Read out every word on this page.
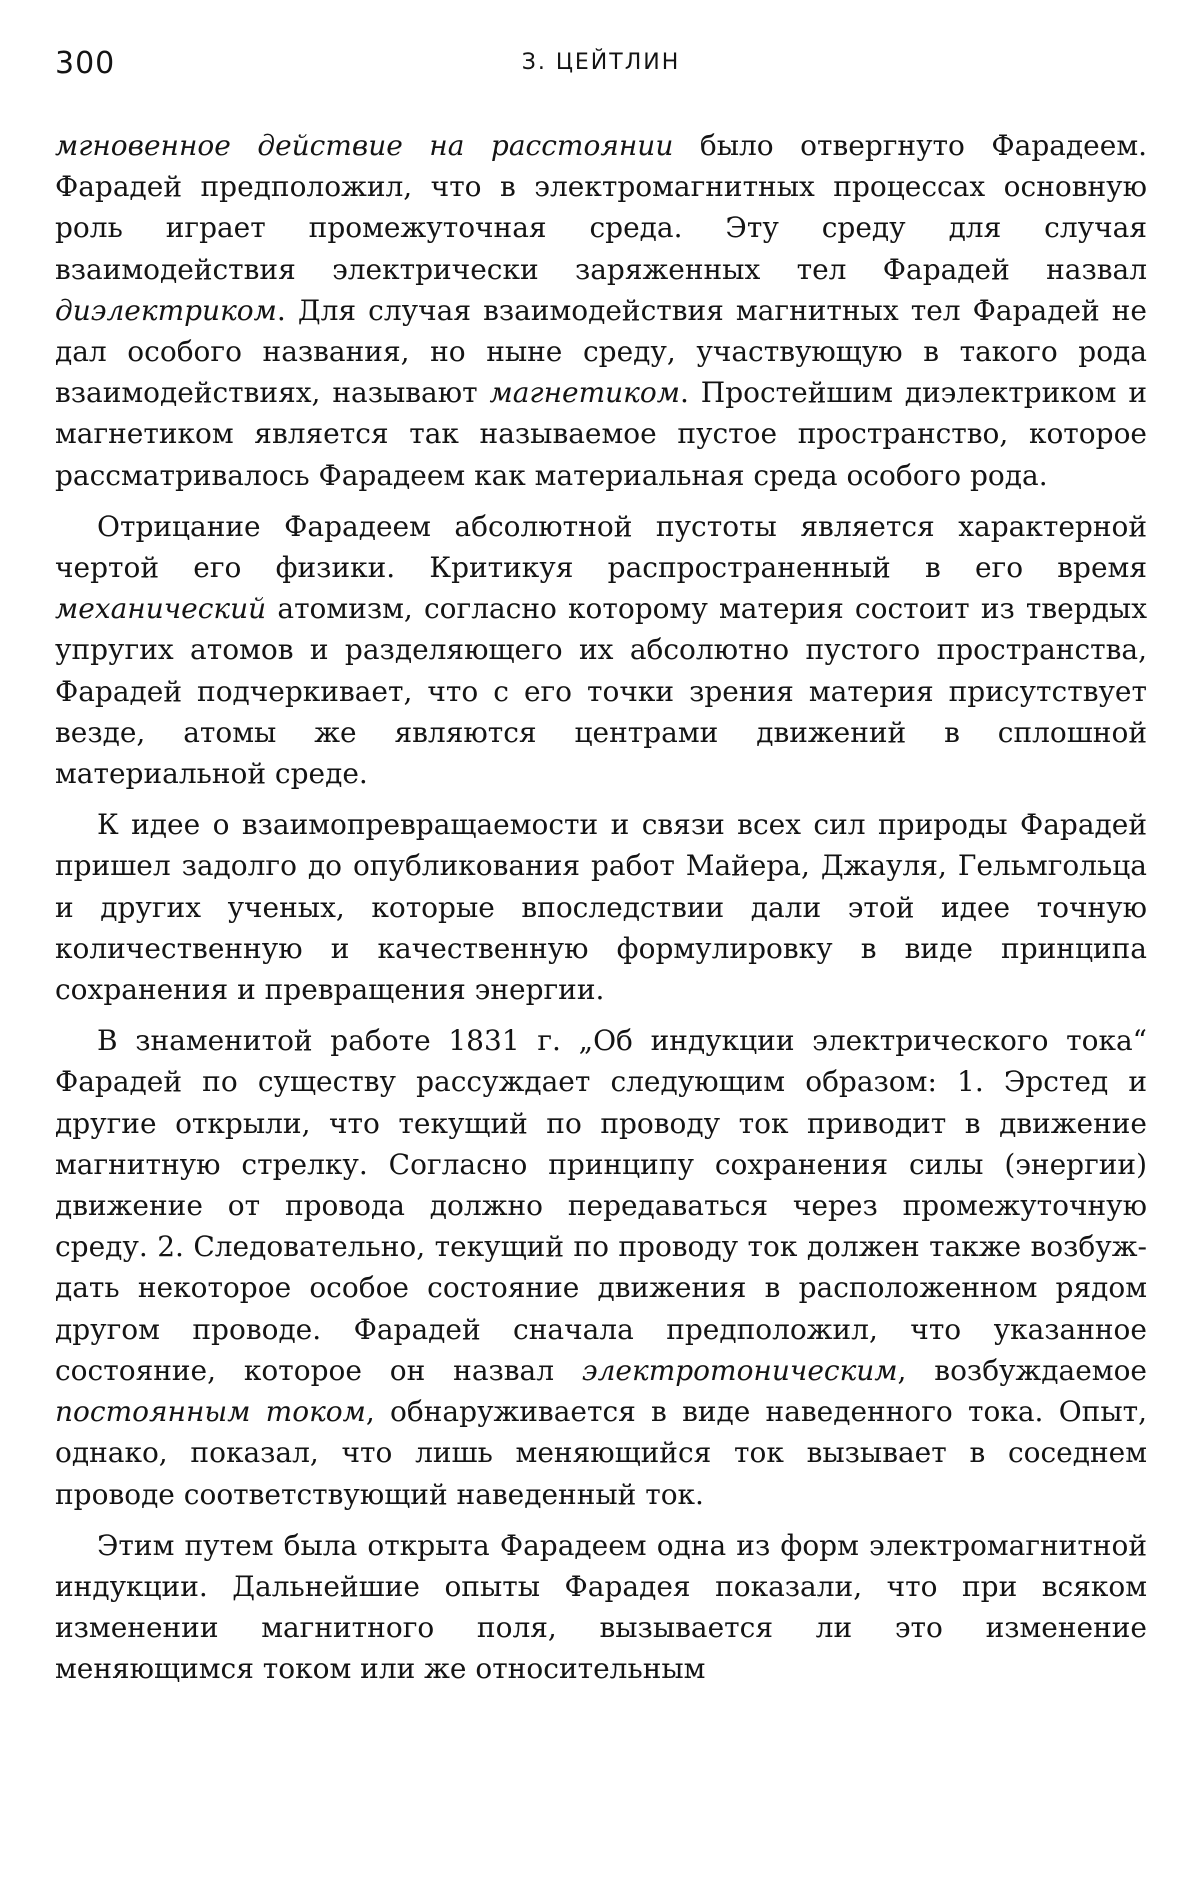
300	З. ЦЕЙТЛИН

мгновенное действие на расстоянии было отвергнуто Фарадеем. Фарадей предположил, что в электромагнитных процессах основную роль играет промежуточная среда. Эту среду для случая взаимодействия электрически заряженных тел Фарадей назвал диэлектриком. Для случая взаимодействия магнитных тел Фарадей не дал особого названия, но ныне среду, участвующую в такого рода взаимодействиях, называют магнетиком. Простейшим диэлектриком и магнетиком является так называемое пустое пространство, которое рассматривалось Фарадеем как материальная среда особого рода.

Отрицание Фарадеем абсолютной пустоты является характерной чертой его физики. Критикуя распространенный в его время механический атомизм, согласно которому материя состоит из твердых упругих атомов и разделяющего их абсолютно пустого пространства, Фарадей подчеркивает, что с его точки зрения материя присутствует везде, атомы же являются центрами движений в сплошной материальной среде.

К идее о взаимопревращаемости и связи всех сил природы Фарадей пришел задолго до опубликования работ Майера, Джауля, Гельмгольца и других ученых, которые впоследствии дали этой идее точную количественную и качественную формулировку в виде принципа сохранения и превращения энергии.

В знаменитой работе 1831 г. „Об индукции электрического тока“ Фарадей по существу рассуждает следующим образом: 1. Эрстед и другие открыли, что текущий по проводу ток приводит в движение магнитную стрелку. Согласно принципу сохранения силы (энергии) движение от провода должно передаваться через промежуточную среду. 2. Следовательно, текущий по проводу ток должен также возбуждать некоторое особое состояние движения в расположенном рядом другом проводе. Фарадей сначала предположил, что указанное состояние, которое он назвал электротоническим, возбуждаемое постоянным током, обнаруживается в виде наведенного тока. Опыт, однако, показал, что лишь меняющийся ток вызывает в соседнем проводе соответствующий наведенный ток.

Этим путем была открыта Фарадеем одна из форм электромагнитной индукции. Дальнейшие опыты Фарадея показали, что при всяком изменении магнитного поля, вызывается ли это изменение меняющимся током или же относительным
